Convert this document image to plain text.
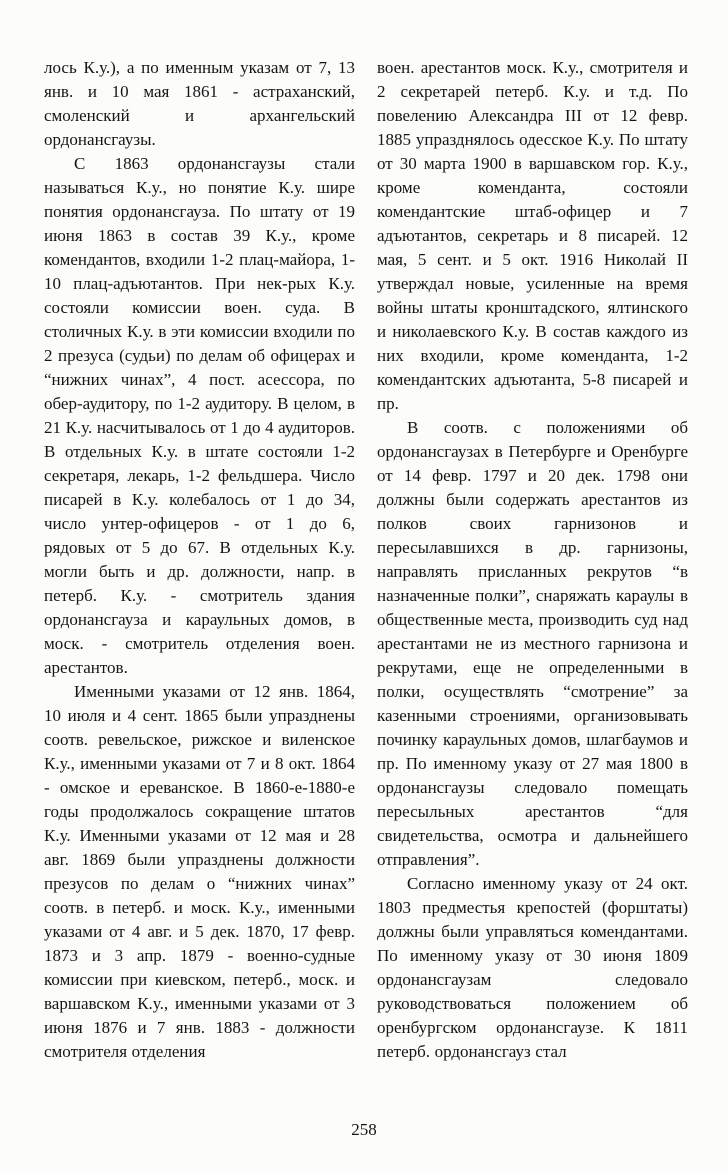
лось К.у.), а по именным указам от 7, 13 янв. и 10 мая 1861 - астраханский, смоленский и архангельский ордонансгаузы.

С 1863 ордонансгаузы стали называться К.у., но понятие К.у. шире понятия ордонансгауза. По штату от 19 июня 1863 в состав 39 К.у., кроме комендантов, входили 1-2 плац-майора, 1-10 плац-адъютантов. При нек-рых К.у. состояли комиссии воен. суда. В столичных К.у. в эти комиссии входили по 2 презуса (судьи) по делам об офицерах и “нижних чинах”, 4 пост. асессора, по обер-аудитору, по 1-2 аудитору. В целом, в 21 К.у. насчитывалось от 1 до 4 аудиторов. В отдельных К.у. в штате состояли 1-2 секретаря, лекарь, 1-2 фельдшера. Число писарей в К.у. колебалось от 1 до 34, число унтер-офицеров - от 1 до 6, рядовых от 5 до 67. В отдельных К.у. могли быть и др. должности, напр. в петерб. К.у. - смотритель здания ордонансгауза и караульных домов, в моск. - смотритель отделения воен. арестантов.

Именными указами от 12 янв. 1864, 10 июля и 4 сент. 1865 были упразднены соотв. ревельское, рижское и виленское К.у., именными указами от 7 и 8 окт. 1864 - омское и ереванское. В 1860-е-1880-е годы продолжалось сокращение штатов К.у. Именными указами от 12 мая и 28 авг. 1869 были упразднены должности презусов по делам о “нижних чинах” соотв. в петерб. и моск. К.у., именными указами от 4 авг. и 5 дек. 1870, 17 февр. 1873 и 3 апр. 1879 - военно-судные комиссии при киевском, петерб., моск. и варшавском К.у., именными указами от 3 июня 1876 и 7 янв. 1883 - должности смотрителя отделения

воен. арестантов моск. К.у., смотрителя и 2 секретарей петерб. К.у. и т.д. По повелению Александра III от 12 февр. 1885 упразднялось одесское К.у. По штату от 30 марта 1900 в варшавском гор. К.у., кроме коменданта, состояли комендантские штаб-офицер и 7 адъютантов, секретарь и 8 писарей. 12 мая, 5 сент. и 5 окт. 1916 Николай II утверждал новые, усиленные на время войны штаты кронштадского, ялтинского и николаевского К.у. В состав каждого из них входили, кроме коменданта, 1-2 комендантских адъютанта, 5-8 писарей и пр.

В соотв. с положениями об ордонансгаузах в Петербурге и Оренбурге от 14 февр. 1797 и 20 дек. 1798 они должны были содержать арестантов из полков своих гарнизонов и пересылавшихся в др. гарнизоны, направлять присланных рекрутов “в назначенные полки”, снаряжать караулы в общественные места, производить суд над арестантами не из местного гарнизона и рекрутами, еще не определенными в полки, осуществлять “смотрение” за казенными строениями, организовывать починку караульных домов, шлагбаумов и пр. По именному указу от 27 мая 1800 в ордонансгаузы следовало помещать пересыльных арестантов “для свидетельства, осмотра и дальнейшего отправления”.

Согласно именному указу от 24 окт. 1803 предместья крепостей (форштаты) должны были управляться комендантами. По именному указу от 30 июня 1809 ордонансгаузам следовало руководствоваться положением об оренбургском ордонансгаузе. К 1811 петерб. ордонансгауз стал

258
